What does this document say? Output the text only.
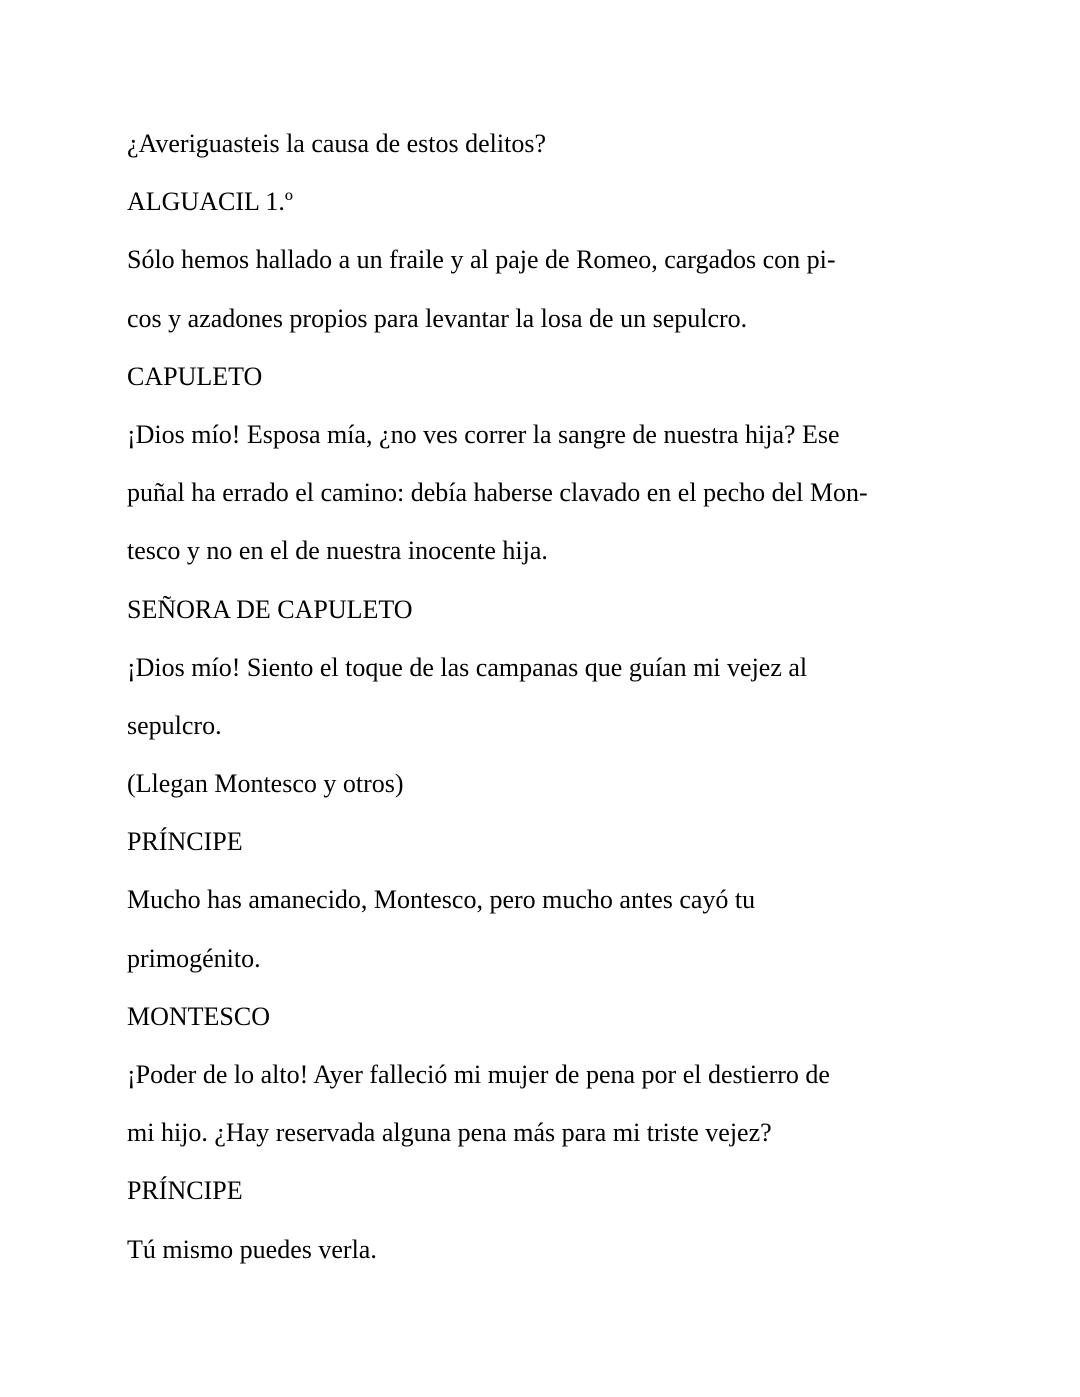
¿Averiguasteis la causa de estos delitos?

ALGUACIL 1.º

Sólo hemos hallado a un fraile y al paje de Romeo, cargados con pi-

cos y azadones propios para levantar la losa de un sepulcro.

CAPULETO

¡Dios mío! Esposa mía, ¿no ves correr la sangre de nuestra hija? Ese

puñal ha errado el camino: debía haberse clavado en el pecho del Mon-

tesco y no en el de nuestra inocente hija.

SEÑORA DE CAPULETO

¡Dios mío! Siento el toque de las campanas que guían mi vejez al

sepulcro.

(Llegan Montesco y otros)

PRÍNCIPE

Mucho has amanecido, Montesco, pero mucho antes cayó tu

primogénito.

MONTESCO

¡Poder de lo alto! Ayer falleció mi mujer de pena por el destierro de

mi hijo. ¿Hay reservada alguna pena más para mi triste vejez?

PRÍNCIPE

Tú mismo puedes verla.
